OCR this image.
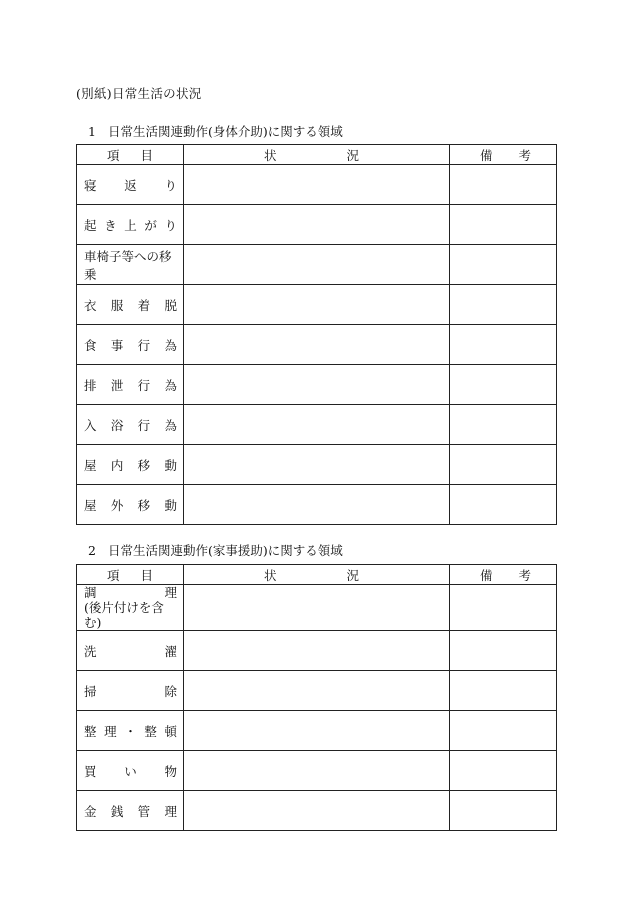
(別紙)日常生活の状況
1 日常生活関連動作(身体介助)に関する領域
項 目	状 況	備 考

寝 返 り		

起 き 上 が り		

車椅子等への移乗		

衣 服 着 脱		

食 事 行 為		

排 泄 行 為		

入 浴 行 為		

屋 内 移 動		

屋 外 移 動		

2 日常生活関連動作(家事援助)に関する領域
項 目	状 況	備 考

調 理
(後片付けを含む)		

洗 濯		

掃 除		

整 理 ・ 整 頓		

買 い 物		

金 銭 管 理		
